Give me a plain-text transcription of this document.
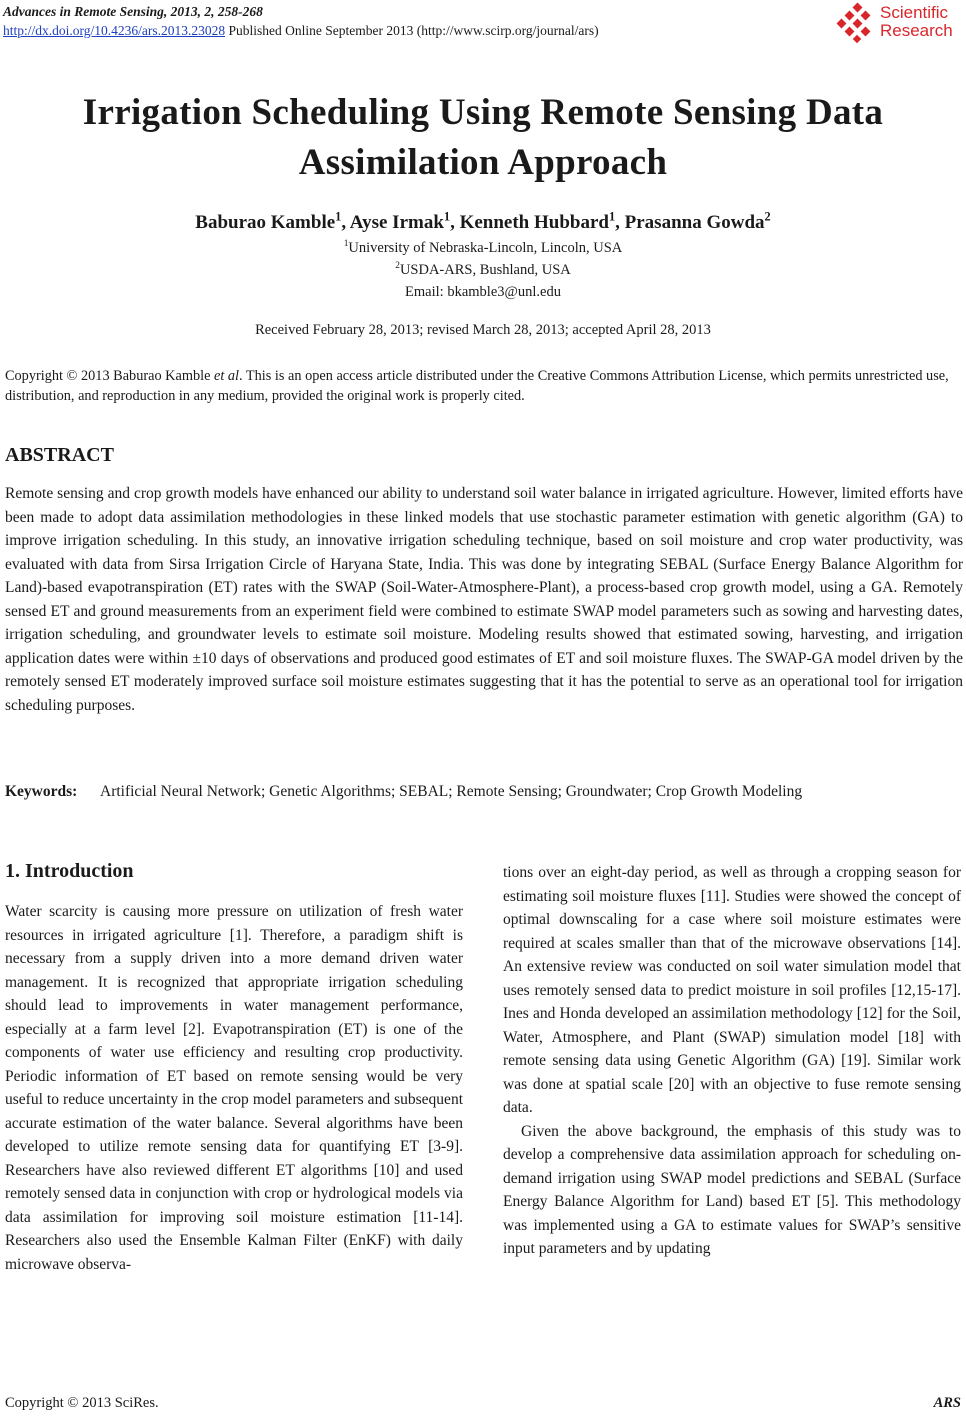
Advances in Remote Sensing, 2013, 2, 258-268
http://dx.doi.org/10.4236/ars.2013.23028 Published Online September 2013 (http://www.scirp.org/journal/ars)
Scientific
Research
Irrigation Scheduling Using Remote Sensing Data
Assimilation Approach
Baburao Kamble$^1$, Ayse Irmak$^1$, Kenneth Hubbard$^1$, Prasanna Gowda$^2$
$^1$University of Nebraska-Lincoln, Lincoln, USA
$^2$USDA-ARS, Bushland, USA
Email: bkamble3@unl.edu
Received February 28, 2013; revised March 28, 2013; accepted April 28, 2013
Copyright © 2013 Baburao Kamble et al. This is an open access article distributed under the Creative Commons Attribution License, which permits unrestricted use, distribution, and reproduction in any medium, provided the original work is properly cited.
ABSTRACT
Remote sensing and crop growth models have enhanced our ability to understand soil water balance in irrigated agriculture. However, limited efforts have been made to adopt data assimilation methodologies in these linked models that use stochastic parameter estimation with genetic algorithm (GA) to improve irrigation scheduling. In this study, an innovative irrigation scheduling technique, based on soil moisture and crop water productivity, was evaluated with data from Sirsa Irrigation Circle of Haryana State, India. This was done by integrating SEBAL (Surface Energy Balance Algorithm for Land)-based evapotranspiration (ET) rates with the SWAP (Soil-Water-Atmosphere-Plant), a process-based crop growth model, using a GA. Remotely sensed ET and ground measurements from an experiment field were combined to estimate SWAP model parameters such as sowing and harvesting dates, irrigation scheduling, and groundwater levels to estimate soil moisture. Modeling results showed that estimated sowing, harvesting, and irrigation application dates were within ±10 days of observations and produced good estimates of ET and soil moisture fluxes. The SWAP-GA model driven by the remotely sensed ET moderately improved surface soil moisture estimates suggesting that it has the potential to serve as an operational tool for irrigation scheduling purposes.
Keywords: Artificial Neural Network; Genetic Algorithms; SEBAL; Remote Sensing; Groundwater; Crop Growth Modeling
1. Introduction

Water scarcity is causing more pressure on utilization of fresh water resources in irrigated agriculture [1]. Therefore, a paradigm shift is necessary from a supply driven into a more demand driven water management. It is recognized that appropriate irrigation scheduling should lead to improvements in water management performance, especially at a farm level [2]. Evapotranspiration (ET) is one of the components of water use efficiency and resulting crop productivity. Periodic information of ET based on remote sensing would be very useful to reduce uncertainty in the crop model parameters and subsequent accurate estimation of the water balance. Several algorithms have been developed to utilize remote sensing data for quantifying ET [3-9]. Researchers have also reviewed different ET algorithms [10] and used remotely sensed data in conjunction with crop or hydrological models via data assimilation for improving soil moisture estimation [11-14]. Researchers also used the Ensemble Kalman Filter (EnKF) with daily microwave observa-

tions over an eight-day period, as well as through a cropping season for estimating soil moisture fluxes [11]. Studies were showed the concept of optimal downscaling for a case where soil moisture estimates were required at scales smaller than that of the microwave observations [14]. An extensive review was conducted on soil water simulation model that uses remotely sensed data to predict moisture in soil profiles [12,15-17]. Ines and Honda developed an assimilation methodology [12] for the Soil, Water, Atmosphere, and Plant (SWAP) simulation model [18] with remote sensing data using Genetic Algorithm (GA) [19]. Similar work was done at spatial scale [20] with an objective to fuse remote sensing data.

Given the above background, the emphasis of this study was to develop a comprehensive data assimilation approach for scheduling on-demand irrigation using SWAP model predictions and SEBAL (Surface Energy Balance Algorithm for Land) based ET [5]. This methodology was implemented using a GA to estimate values for SWAP’s sensitive input parameters and by updating

Copyright © 2013 SciRes.	ARS
